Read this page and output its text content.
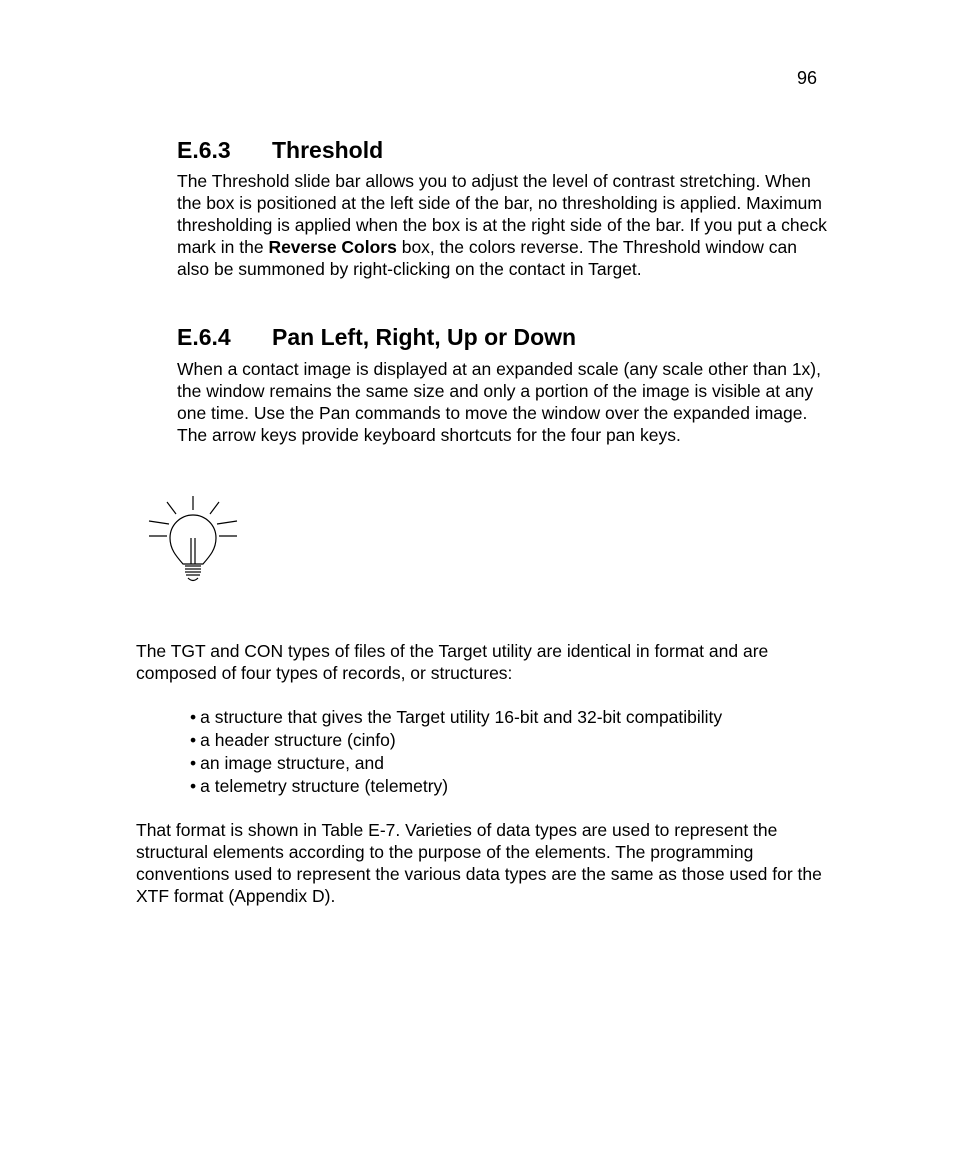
96
E.6.3 Threshold

The Threshold slide bar allows you to adjust the level of contrast stretching. When the box is positioned at the left side of the bar, no thresholding is applied. Maximum thresholding is applied when the box is at the right side of the bar. If you put a check mark in the Reverse Colors box, the colors reverse. The Threshold window can also be summoned by right-clicking on the contact in Target.

E.6.4 Pan Left, Right, Up or Down

When a contact image is displayed at an expanded scale (any scale other than 1x), the window remains the same size and only a portion of the image is visible at any one time. Use the Pan commands to move the window over the expanded image. The arrow keys provide keyboard shortcuts for the four pan keys.

The TGT and CON types of files of the Target utility are identical in format and are composed of four types of records, or structures:

• a structure that gives the Target utility 16-bit and 32-bit compatibility
• a header structure (cinfo)
• an image structure, and
• a telemetry structure (telemetry)

That format is shown in Table E-7. Varieties of data types are used to represent the structural elements according to the purpose of the elements. The programming conventions used to represent the various data types are the same as those used for the XTF format (Appendix D).
